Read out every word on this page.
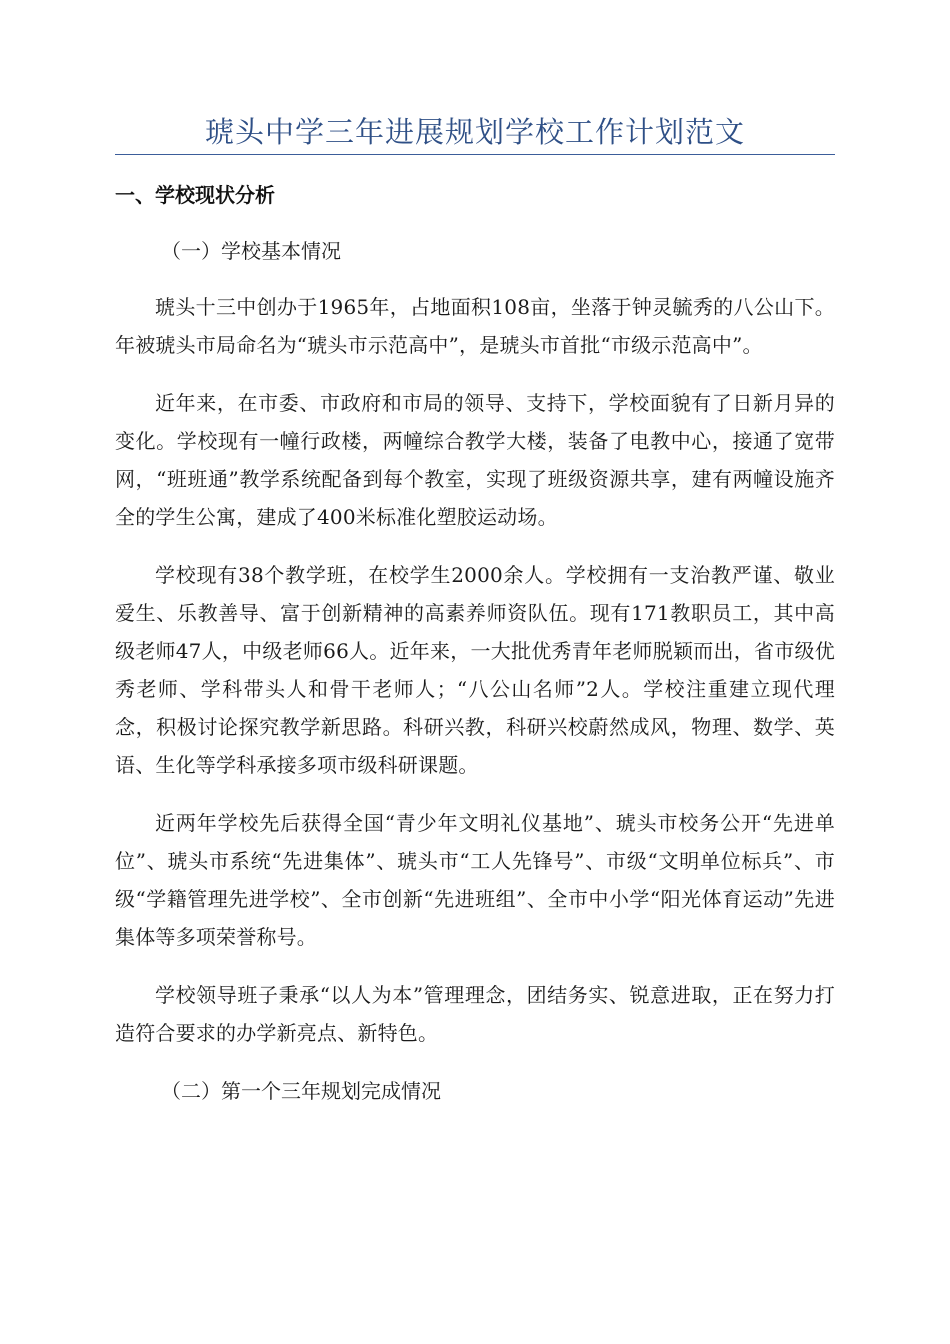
琥头中学三年进展规划学校工作计划范文

一、学校现状分析

（一）学校基本情况

琥头十三中创办于1965年，占地面积108亩，坐落于钟灵毓秀的八公山下。年被琥头市局命名为“琥头市示范高中”，是琥头市首批“市级示范高中”。

近年来，在市委、市政府和市局的领导、支持下，学校面貌有了日新月异的变化。学校现有一幢行政楼，两幢综合教学大楼，装备了电教中心，接通了宽带网，“班班通”教学系统配备到每个教室，实现了班级资源共享，建有两幢设施齐全的学生公寓，建成了400米标准化塑胶运动场。

学校现有38个教学班，在校学生2000余人。学校拥有一支治教严谨、敬业爱生、乐教善导、富于创新精神的高素养师资队伍。现有171教职员工，其中高级老师47人，中级老师66人。近年来，一大批优秀青年老师脱颖而出，省市级优秀老师、学科带头人和骨干老师人；“八公山名师”2人。学校注重建立现代理念，积极讨论探究教学新思路。科研兴教，科研兴校蔚然成风，物理、数学、英语、生化等学科承接多项市级科研课题。

近两年学校先后获得全国“青少年文明礼仪基地”、琥头市校务公开“先进单位”、琥头市系统“先进集体”、琥头市“工人先锋号”、市级“文明单位标兵”、市级“学籍管理先进学校”、全市创新“先进班组”、全市中小学“阳光体育运动”先进集体等多项荣誉称号。

学校领导班子秉承“以人为本”管理理念，团结务实、锐意进取，正在努力打造符合要求的办学新亮点、新特色。

（二）第一个三年规划完成情况
